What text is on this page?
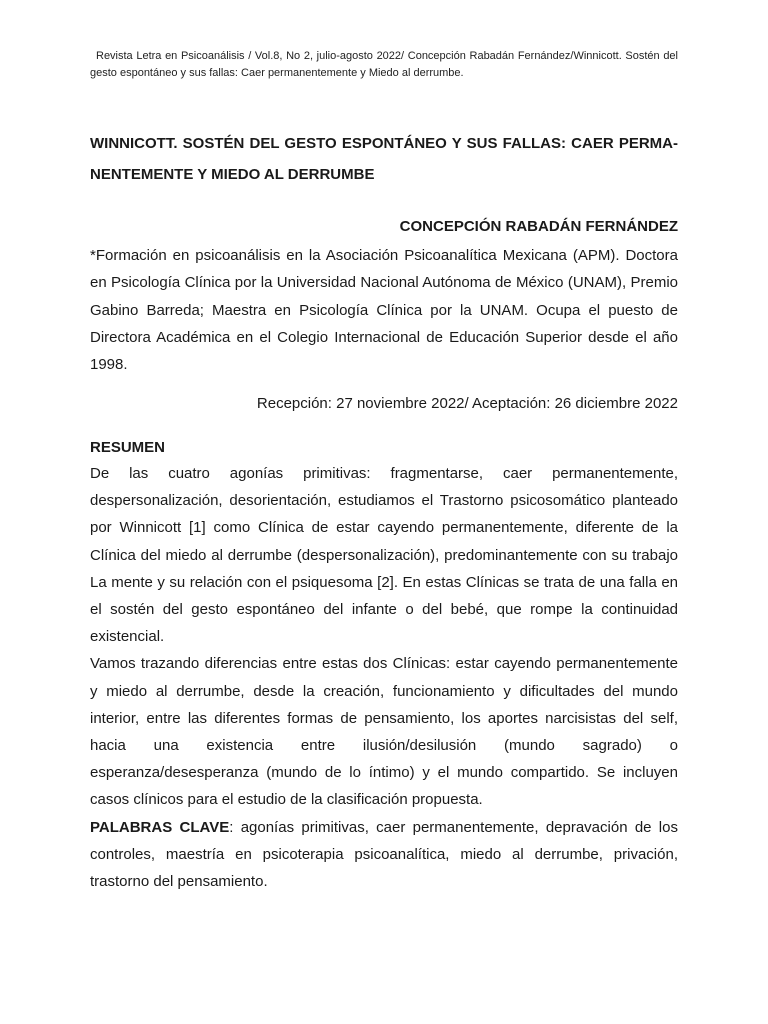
Revista Letra en Psicoanálisis / Vol.8, No 2, julio-agosto 2022/ Concepción Rabadán Fernández/Winnicott. Sostén del gesto espontáneo y sus fallas: Caer permanentemente y Miedo al derrumbe.
WINNICOTT. SOSTÉN DEL GESTO ESPONTÁNEO Y SUS FALLAS: CAER PERMA-NENTEMENTE Y MIEDO AL DERRUMBE
CONCEPCIÓN RABADÁN FERNÁNDEZ
*Formación en psicoanálisis en la Asociación Psicoanalítica Mexicana (APM). Doctora en Psicología Clínica por la Universidad Nacional Autónoma de México (UNAM), Premio Gabino Barreda; Maestra en Psicología Clínica por la UNAM. Ocupa el puesto de Directora Académica en el Colegio Internacional de Educación Superior desde el año 1998.
Recepción: 27 noviembre 2022/ Aceptación: 26 diciembre 2022
RESUMEN

De las cuatro agonías primitivas: fragmentarse, caer permanentemente, despersonalización, desorientación, estudiamos el Trastorno psicosomático planteado por Winnicott [1] como Clínica de estar cayendo permanentemente, diferente de la Clínica del miedo al derrumbe (despersonalización), predominantemente con su trabajo La mente y su relación con el psiquesoma [2]. En estas Clínicas se trata de una falla en el sostén del gesto espontáneo del infante o del bebé, que rompe la continuidad existencial.

Vamos trazando diferencias entre estas dos Clínicas: estar cayendo permanentemente y miedo al derrumbe, desde la creación, funcionamiento y dificultades del mundo interior, entre las diferentes formas de pensamiento, los aportes narcisistas del self, hacia una existencia entre ilusión/desilusión (mundo sagrado) o esperanza/desesperanza (mundo de lo íntimo) y el mundo compartido. Se incluyen casos clínicos para el estudio de la clasificación propuesta.

PALABRAS CLAVE: agonías primitivas, caer permanentemente, depravación de los controles, maestría en psicoterapia psicoanalítica, miedo al derrumbe, privación, trastorno del pensamiento.
